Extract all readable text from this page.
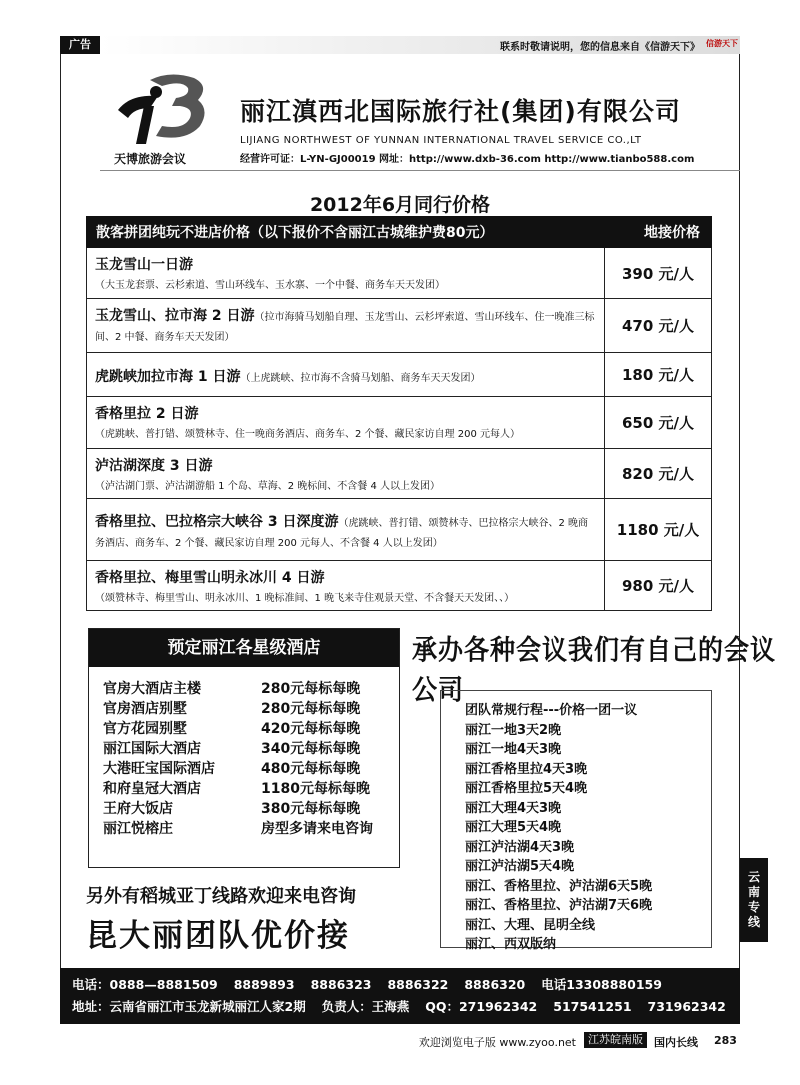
广告	联系时敬请说明，您的信息来自《信游天下》 信游天下
天博旅游会议
丽江滇西北国际旅行社(集团)有限公司
LIJIANG NORTHWEST OF YUNNAN INTERNATIONAL TRAVEL SERVICE CO.,LT
经营许可证：L-YN-GJ00019 网址：http://www.dxb-36.com http://www.tianbo588.com
2012年6月同行价格
散客拼团纯玩不进店价格（以下报价不含丽江古城维护费80元）	地接价格
玉龙雪山一日游
（大玉龙套票、云杉索道、雪山环线车、玉水寨、一个中餐、商务车天天发团）
390 元/人
玉龙雪山、拉市海 2 日游（拉市海骑马划船自理、玉龙雪山、云杉坪索道、雪山环线车、住一晚准三标间、2 中餐、商务车天天发团）
470 元/人
虎跳峡加拉市海 1 日游（上虎跳峡、拉市海不含骑马划船、商务车天天发团）	180 元/人
香格里拉 2 日游
（虎跳峡、普打错、颂赞林寺、住一晚商务酒店、商务车、2 个餐、藏民家访自理 200 元每人）
650 元/人
泸沽湖深度 3 日游
（泸沽湖门票、泸沽湖游船 1 个岛、草海、2 晚标间、不含餐 4 人以上发团）
820 元/人
香格里拉、巴拉格宗大峡谷 3 日深度游（虎跳峡、普打错、颂赞林寺、巴拉格宗大峡谷、2 晚商务酒店、商务车、2 个餐、藏民家访自理 200 元每人、不含餐 4 人以上发团）
1180 元/人
香格里拉、梅里雪山明永冰川 4 日游
（颂赞林寺、梅里雪山、明永冰川、1 晚标准间、1 晚飞来寺住观景天堂、不含餐天天发团、、）
980 元/人
预定丽江各星级酒店
官房大酒店主楼	280元每标每晚
官房酒店别墅	280元每标每晚
官方花园别墅	420元每标每晚
丽江国际大酒店	340元每标每晚
大港旺宝国际酒店	480元每标每晚
和府皇冠大酒店	1180元每标每晚
王府大饭店	380元每标每晚
丽江悦榕庄	房型多请来电咨询
承办各种会议我们有自己的会议公司
团队常规行程---价格一团一议
丽江一地3天2晚
丽江一地4天3晚
丽江香格里拉4天3晚
丽江香格里拉5天4晚
丽江大理4天3晚
丽江大理5天4晚
丽江泸沽湖4天3晚
丽江泸沽湖5天4晚
丽江、香格里拉、泸沽湖6天5晚
丽江、香格里拉、泸沽湖7天6晚
丽江、大理、昆明全线
丽江、西双版纳
另外有稻城亚丁线路欢迎来电咨询
昆大丽团队优价接
云南专线
电话：0888—8881509 8889893 8886323 8886322 8886320 电话13308880159
地址：云南省丽江市玉龙新城丽江人家2期 负责人：王海燕 QQ：271962342 517541251 731962342
欢迎浏览电子版 www.zyoo.net	江苏皖南版	国内长线 283
